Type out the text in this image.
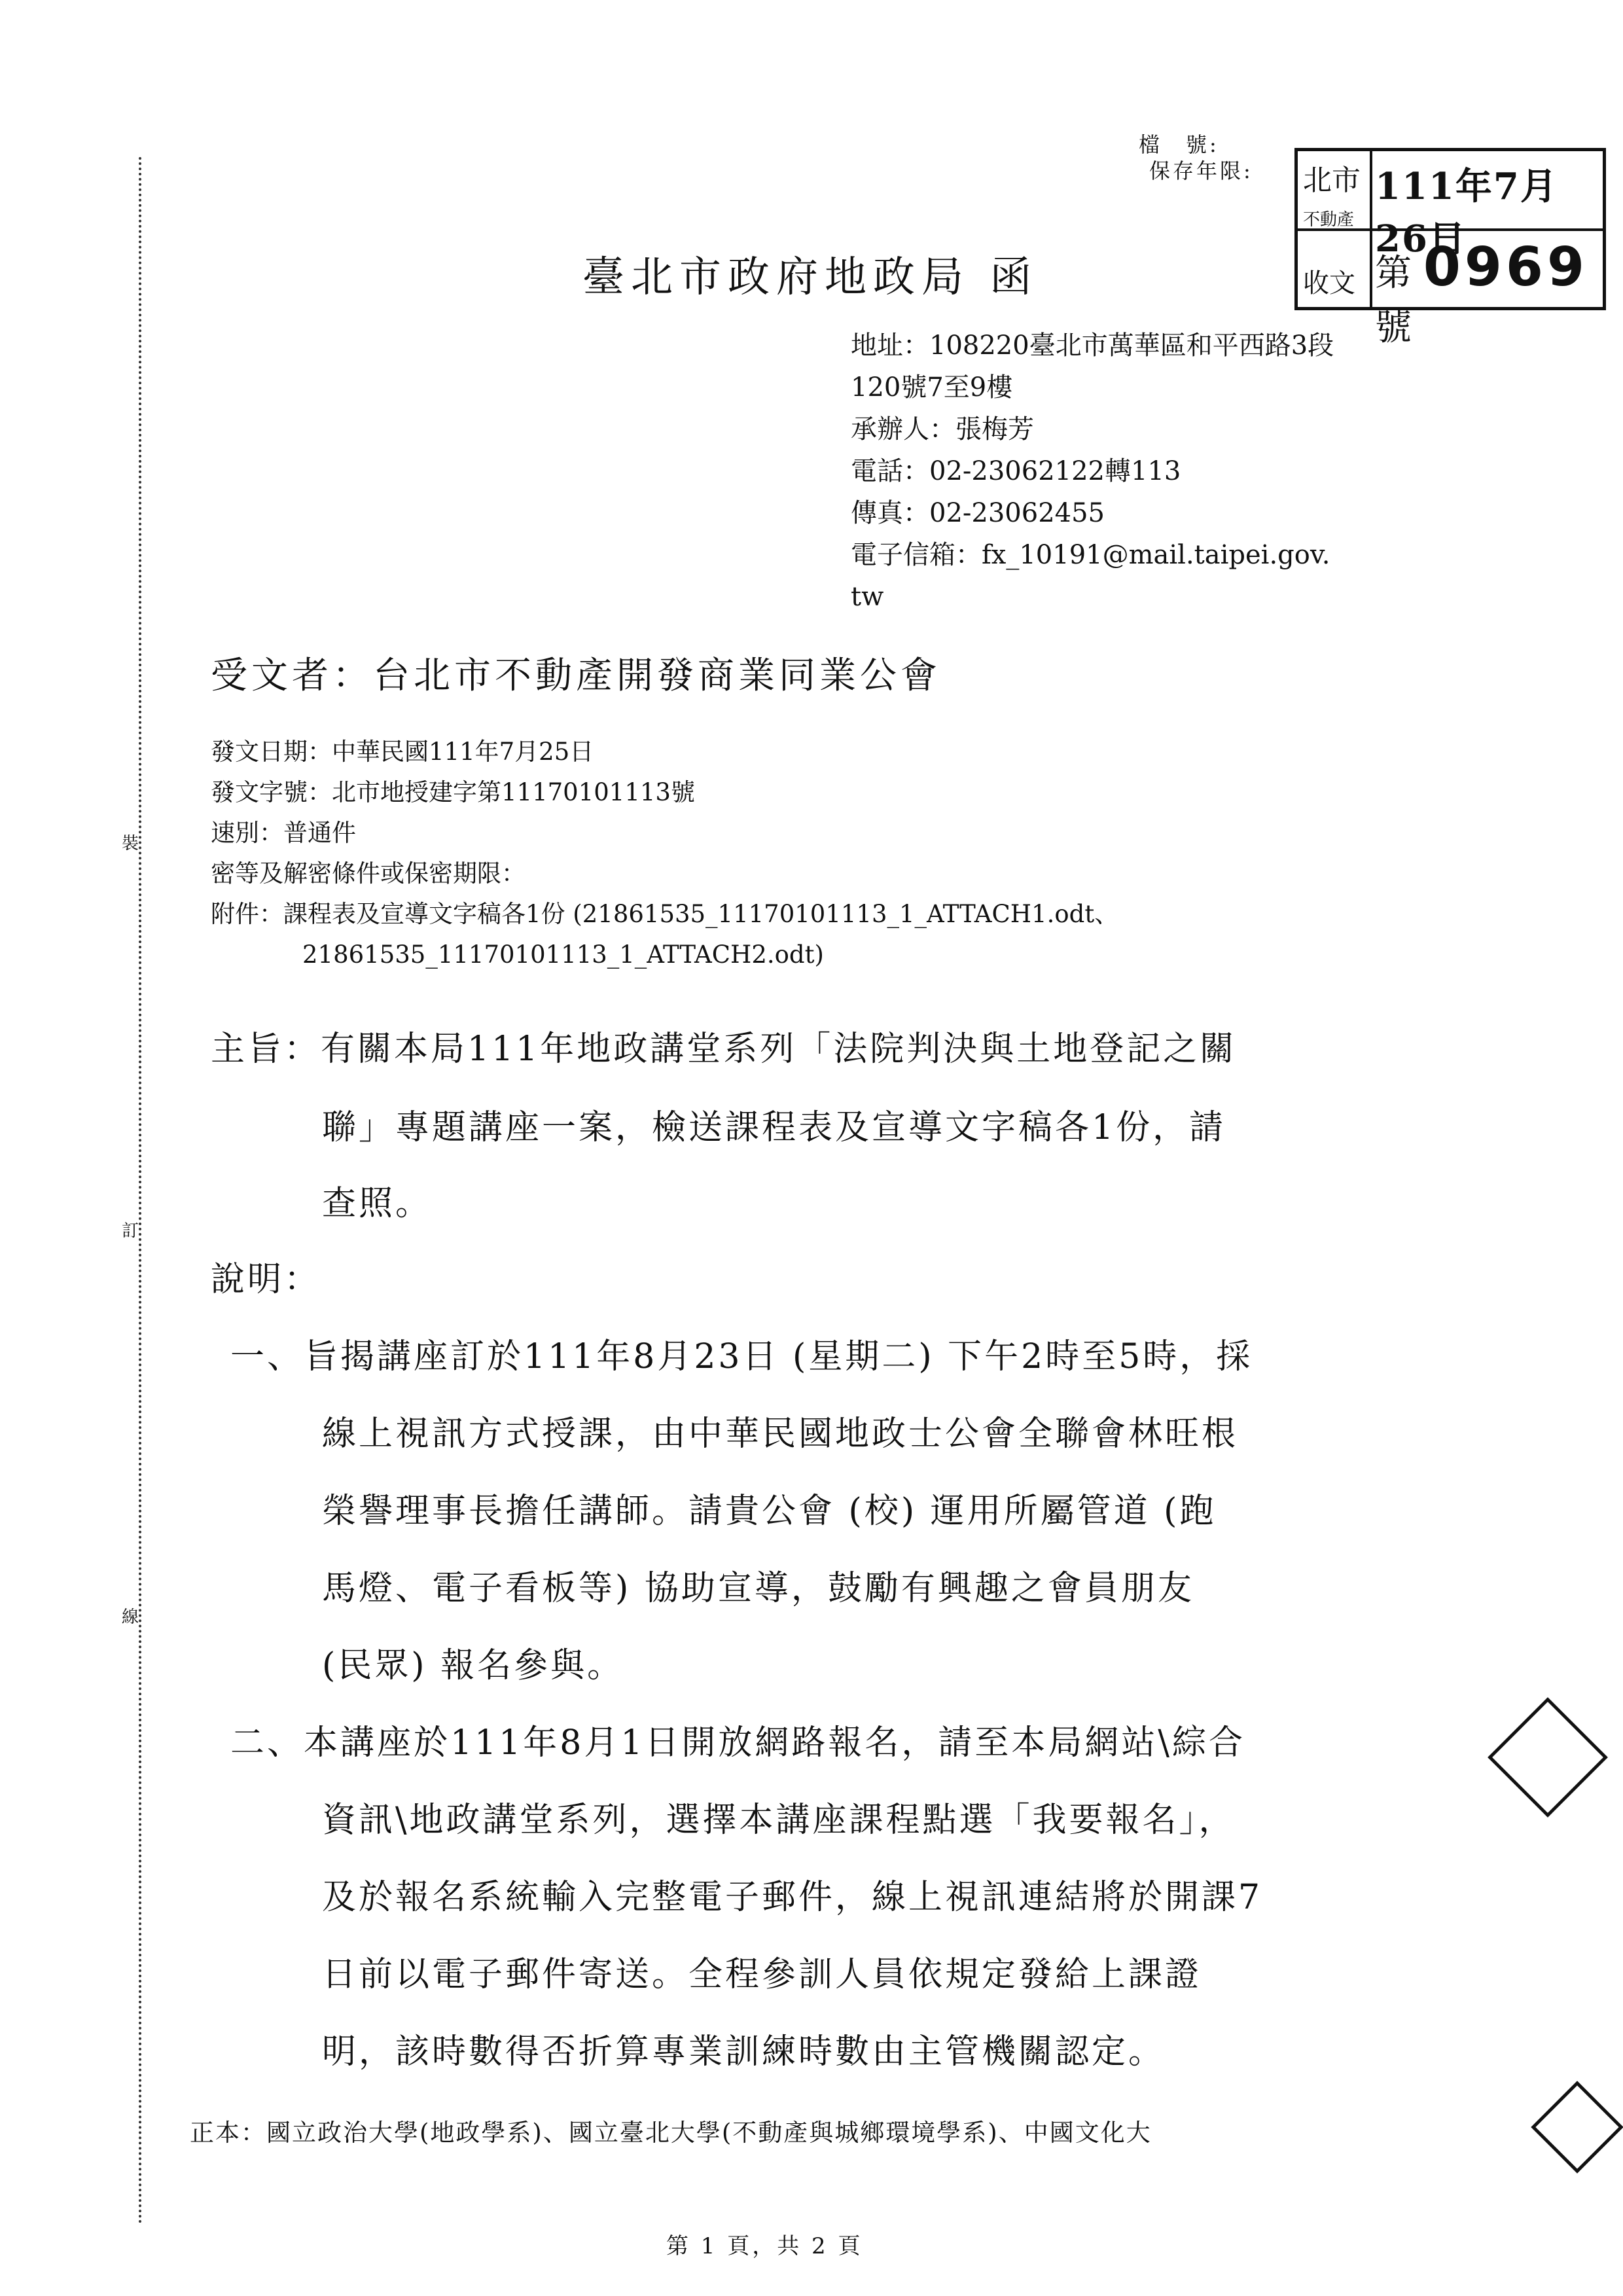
裝
訂
線
檔　號:
保存年限: 北市
不動產
收文
111年7月26日
第 0969 號
臺北市政府地政局 函
地址：108220臺北市萬華區和平西路3段
120號7至9樓
承辦人：張梅芳
電話：02-23062122轉113
傳真：02-23062455
電子信箱：fx_10191@mail.taipei.gov.
tw
受文者：台北市不動產開發商業同業公會
發文日期：中華民國111年7月25日
發文字號：北市地授建字第11170101113號
速別：普通件
密等及解密條件或保密期限：
附件：課程表及宣導文字稿各1份 (21861535_11170101113_1_ATTACH1.odt、
21861535_11170101113_1_ATTACH2.odt)
主旨：有關本局111年地政講堂系列「法院判決與土地登記之關
聯」專題講座一案，檢送課程表及宣導文字稿各1份，請
查照。
說明：
一、旨揭講座訂於111年8月23日 (星期二) 下午2時至5時，採
線上視訊方式授課，由中華民國地政士公會全聯會林旺根
榮譽理事長擔任講師。請貴公會 (校) 運用所屬管道 (跑
馬燈、電子看板等) 協助宣導，鼓勵有興趣之會員朋友
(民眾) 報名參與。
二、本講座於111年8月1日開放網路報名，請至本局網站\綜合
資訊\地政講堂系列，選擇本講座課程點選「我要報名」，
及於報名系統輸入完整電子郵件，線上視訊連結將於開課7
日前以電子郵件寄送。全程參訓人員依規定發給上課證
明，該時數得否折算專業訓練時數由主管機關認定。
正本：國立政治大學(地政學系)、國立臺北大學(不動產與城鄉環境學系)、中國文化大
第 1 頁，共 2 頁
